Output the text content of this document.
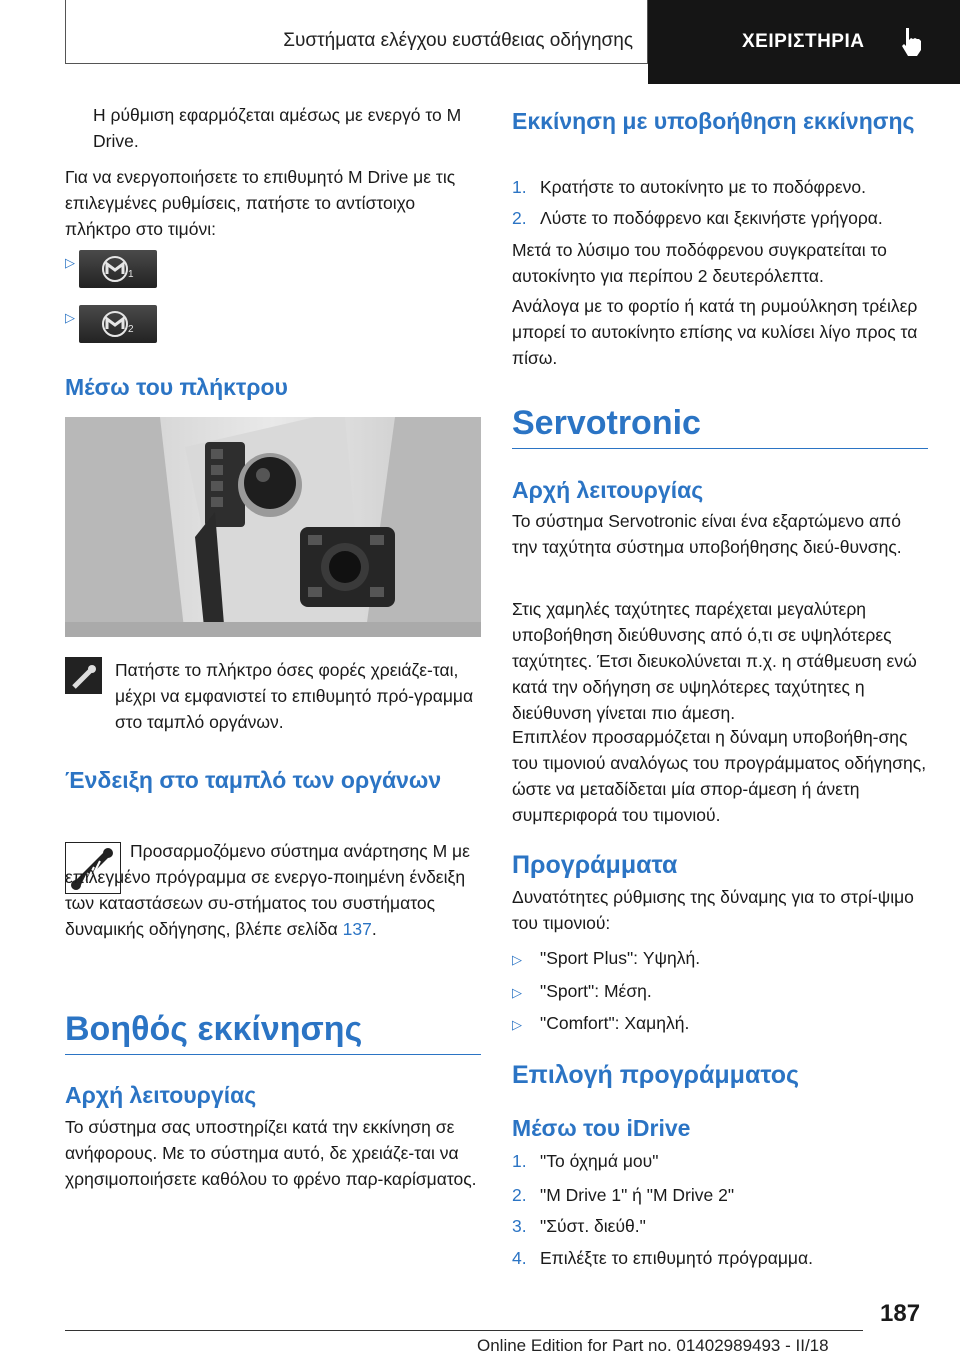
Συστήματα ελέγχου ευστάθειας οδήγησης	ΧΕΙΡΙΣΤΗΡΙΑ
Η ρύθμιση εφαρμόζεται αμέσως με ενεργό το M Drive.
Για να ενεργοποιήσετε το επιθυμητό M Drive με τις επιλεγμένες ρυθμίσεις, πατήστε το αντίστοιχο πλήκτρο στο τιμόνι:
▷
1
▷
2
Μέσω του πλήκτρου
Πατήστε το πλήκτρο όσες φορές χρειάζε-ται, μέχρι να εμφανιστεί το επιθυμητό πρό-γραμμα στο ταμπλό οργάνων.
Ένδειξη στο ταμπλό των οργάνων
Προσαρμοζόμενο σύστημα ανάρτησης M με επιλεγμένο πρόγραμμα σε ενεργο-ποιημένη ένδειξη των καταστάσεων συ-στήματος του συστήματος δυναμικής οδήγησης, βλέπε σελίδα 137.
Βοηθός εκκίνησης
Αρχή λειτουργίας
Το σύστημα σας υποστηρίζει κατά την εκκίνηση σε ανήφορους. Με το σύστημα αυτό, δε χρειάζε-ται να χρησιμοποιήσετε καθόλου το φρένο παρ-καρίσματος.
Εκκίνηση με υποβοήθηση εκκίνησης
1. Κρατήστε το αυτοκίνητο με το ποδόφρενο.
2. Λύστε το ποδόφρενο και ξεκινήστε γρήγορα.
Μετά το λύσιμο του ποδόφρενου συγκρατείται το αυτοκίνητο για περίπου 2 δευτερόλεπτα.
Ανάλογα με το φορτίο ή κατά τη ρυμούλκηση τρέιλερ μπορεί το αυτοκίνητο επίσης να κυλίσει λίγο προς τα πίσω.
Servotronic
Αρχή λειτουργίας
Το σύστημα Servotronic είναι ένα εξαρτώμενο από την ταχύτητα σύστημα υποβοήθησης διεύ-θυνσης.
Στις χαμηλές ταχύτητες παρέχεται μεγαλύτερη υποβοήθηση διεύθυνσης από ό,τι σε υψηλότερες ταχύτητες. Έτσι διευκολύνεται π.χ. η στάθμευση ενώ κατά την οδήγηση σε υψηλότερες ταχύτητες η διεύθυνση γίνεται πιο άμεση.
Επιπλέον προσαρμόζεται η δύναμη υποβοήθη-σης του τιμονιού αναλόγως του προγράμματος οδήγησης, ώστε να μεταδίδεται μία σπορ-άμεση ή άνετη συμπεριφορά του τιμονιού.
Προγράμματα
Δυνατότητες ρύθμισης της δύναμης για το στρί-ψιμο του τιμονιού:
▷ "Sport Plus": Υψηλή.
▷ "Sport": Μέση.
▷ "Comfort": Χαμηλή.
Επιλογή προγράμματος
Μέσω του iDrive
1. "Το όχημά μου"
2. "M Drive 1" ή "M Drive 2"
3. "Σύστ. διεύθ."
4. Επιλέξτε το επιθυμητό πρόγραμμα.
187
Online Edition for Part no. 01402989493 - II/18
